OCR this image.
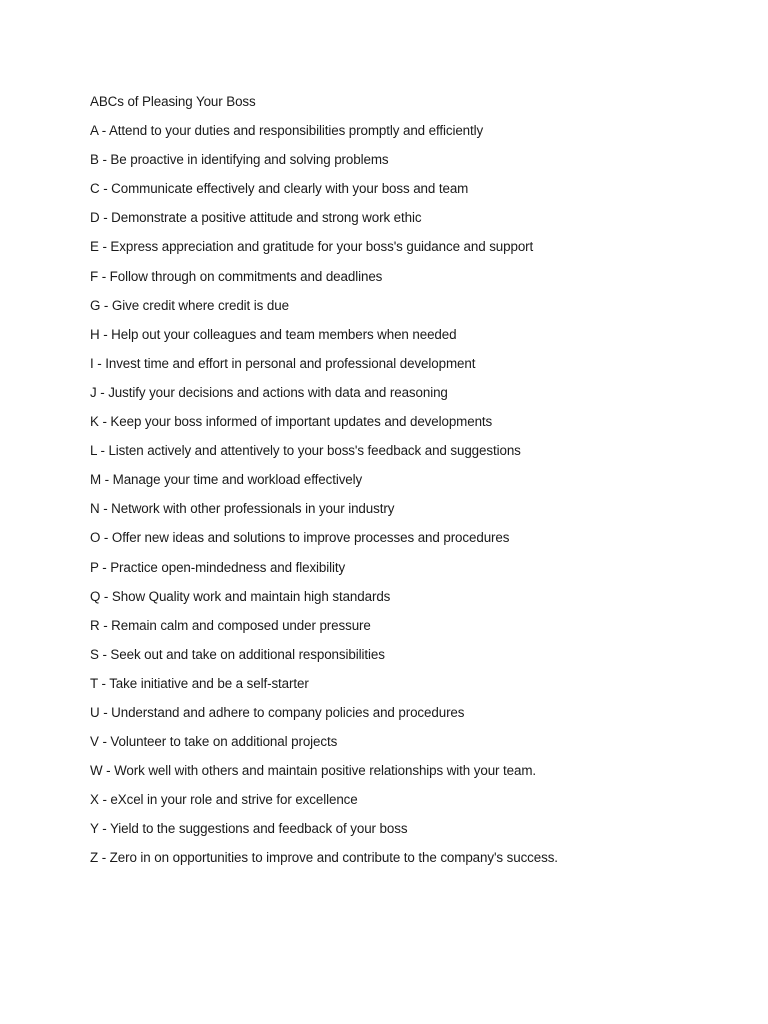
ABCs of Pleasing Your Boss
A - Attend to your duties and responsibilities promptly and efficiently
B - Be proactive in identifying and solving problems
C - Communicate effectively and clearly with your boss and team
D - Demonstrate a positive attitude and strong work ethic
E - Express appreciation and gratitude for your boss's guidance and support
F - Follow through on commitments and deadlines
G - Give credit where credit is due
H - Help out your colleagues and team members when needed
I - Invest time and effort in personal and professional development
J - Justify your decisions and actions with data and reasoning
K - Keep your boss informed of important updates and developments
L - Listen actively and attentively to your boss's feedback and suggestions
M - Manage your time and workload effectively
N - Network with other professionals in your industry
O - Offer new ideas and solutions to improve processes and procedures
P - Practice open-mindedness and flexibility
Q - Show Quality work and maintain high standards
R - Remain calm and composed under pressure
S - Seek out and take on additional responsibilities
T - Take initiative and be a self-starter
U - Understand and adhere to company policies and procedures
V - Volunteer to take on additional projects
W - Work well with others and maintain positive relationships with your team.
X - eXcel in your role and strive for excellence
Y - Yield to the suggestions and feedback of your boss
Z - Zero in on opportunities to improve and contribute to the company's success.
